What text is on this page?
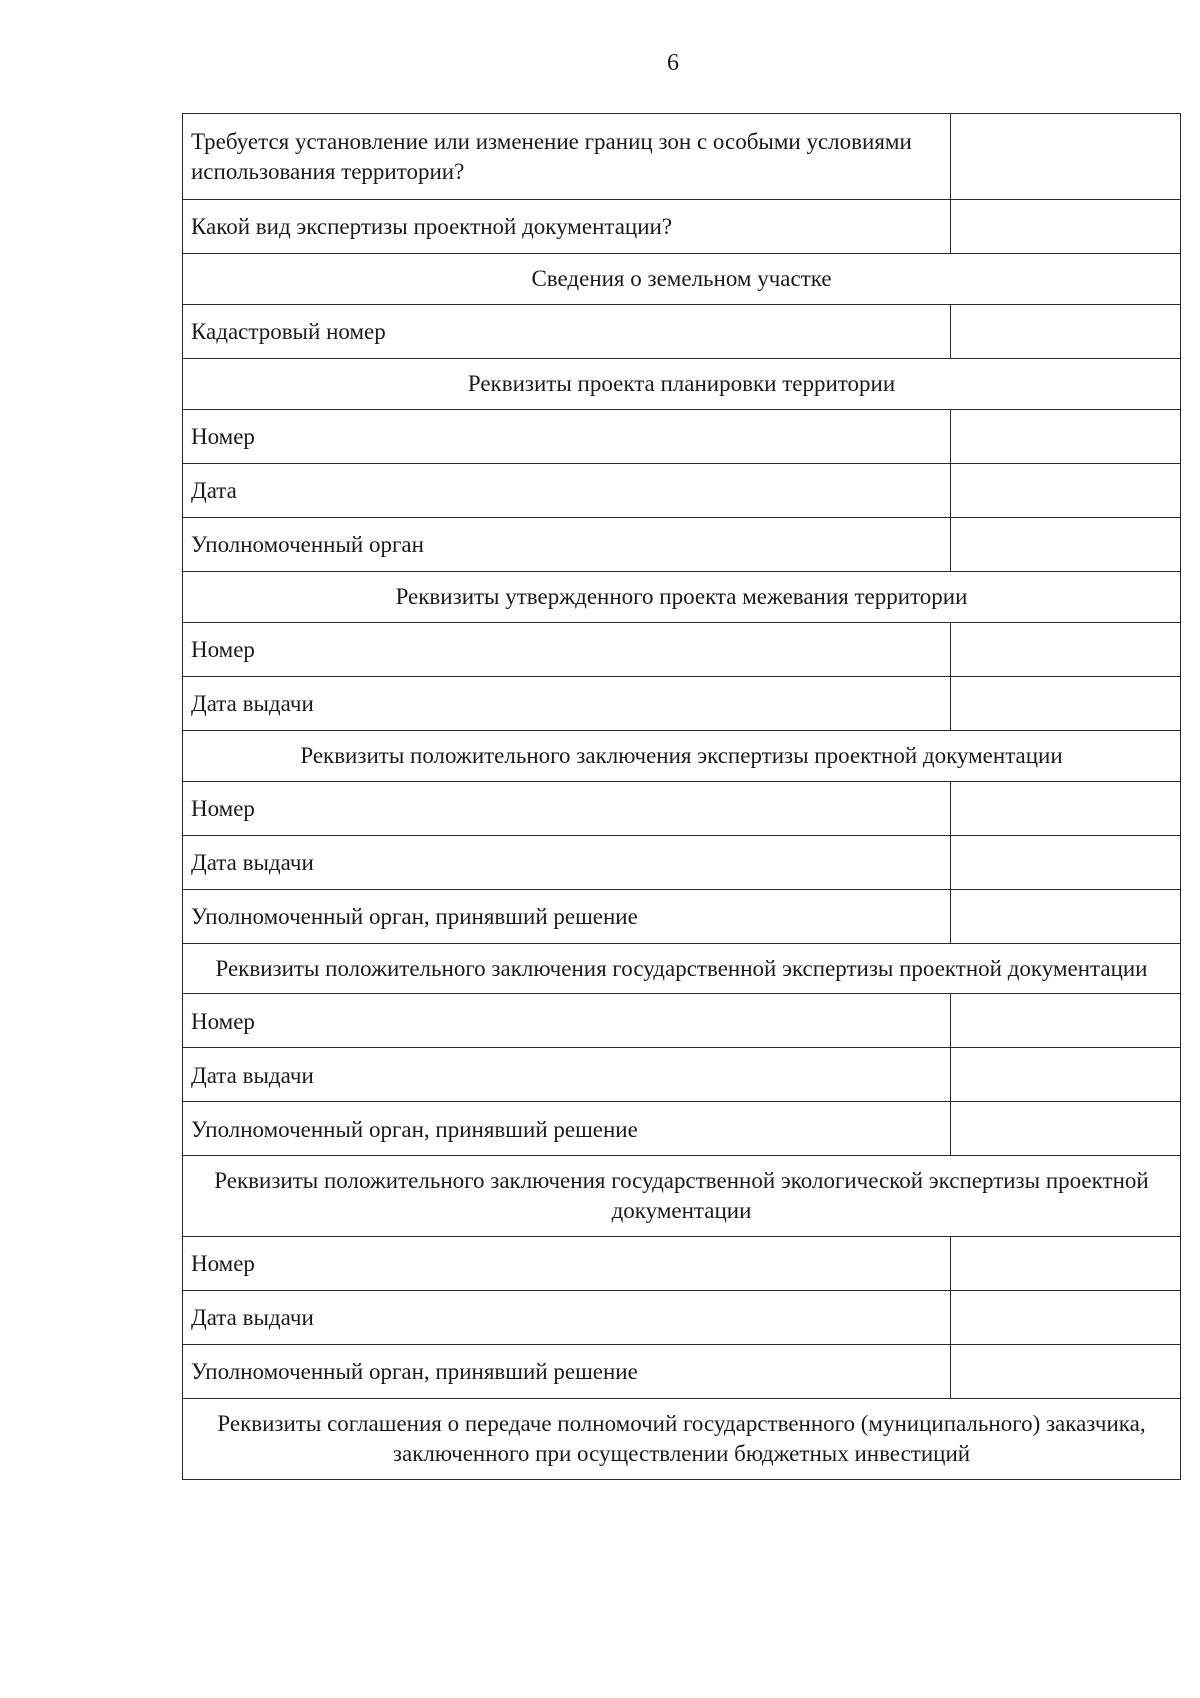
6
Требуется установление или изменение границ зон с особыми условиями использования территории?	
Какой вид экспертизы проектной документации?	
Сведения о земельном участке	
Кадастровый номер	
Реквизиты проекта планировки территории	
Номер	
Дата	
Уполномоченный орган	
Реквизиты утвержденного проекта межевания территории	
Номер	
Дата выдачи	
Реквизиты положительного заключения экспертизы проектной документации	
Номер	
Дата выдачи	
Уполномоченный орган, принявший решение	
Реквизиты положительного заключения государственной экспертизы проектной документации	
Номер	
Дата выдачи	
Уполномоченный орган, принявший решение	
Реквизиты положительного заключения государственной экологической экспертизы проектной документации	
Номер	
Дата выдачи	
Уполномоченный орган, принявший решение	
Реквизиты соглашения о передаче полномочий государственного (муниципального) заказчика, заключенного при осуществлении бюджетных инвестиций	
